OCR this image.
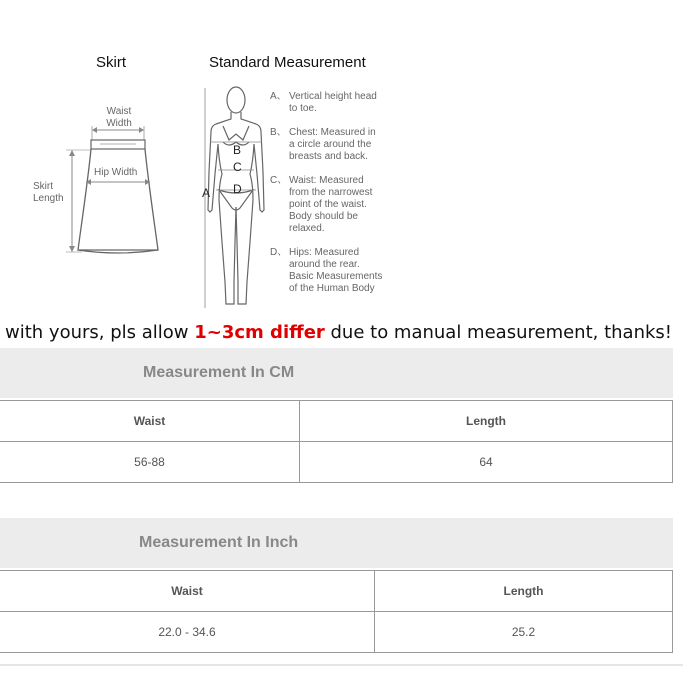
Skirt	Standard Measurement
Waist
Width
Hip Width
Skirt
Length	A
B
C
D
A、 Vertical height head
to toe.
B、 Chest: Measured in
a circle around the
breasts and back.
C、 Waist: Measured
from the narrowest
point of the waist.
Body should be
relaxed.
D、 Hips: Measured
around the rear.
Basic Measurements
of the Human Body
with yours, pls allow 1~3cm differ due to manual measurement, thanks!
Measurement In CM
Waist	Length
56-88	64
Measurement In Inch
Waist	Length
22.0 - 34.6	25.2
